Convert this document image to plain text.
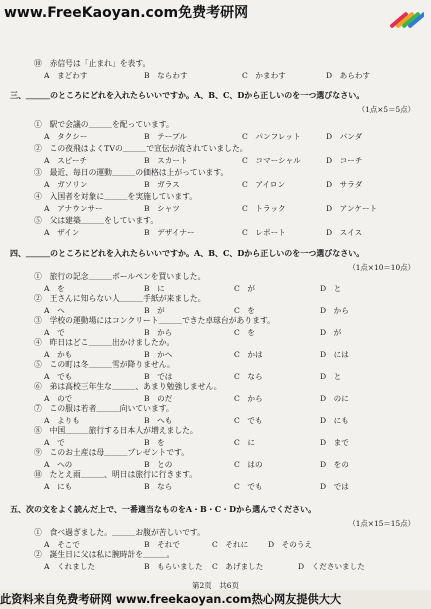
www.FreeKaoyan.com免费考研网
⑩　赤信号は「止まれ」を表す。
A　まどわす	B　ならわす	C　かまわす	D　あらわす
三、＿＿＿のところにどれを入れたらいいですか。A、B、C、Dから正しいのを一つ選びなさい。
（1点×5＝5点）
①　駅で会議の＿＿＿を配っています。
A　タクシー	B　テーブル	C　パンフレット	D　パンダ
②　この夜飛はよくTVの＿＿＿で宣伝が流されていました。
A　スピーチ	B　スカート	C　コマーシャル	D　コーチ
③　最近、毎日の運動＿＿＿の価格は上がっています。
A　ガソリン	B　ガラス	C　アイロン	D　サラダ
④　入国者を対象に＿＿＿を実施しています。
A　アナウンサー	B　シャツ	C　トラック	D　アンケート
⑤　父は建築＿＿＿をしています。
A　ザイン	B　デザイナー	C　レポート	D　スイス
四、＿＿＿のところにどれを入れたらいいですか。A、B、C、Dから正しいのを一つ選びなさい。
（1点×10＝10点）
①　旅行の記念＿＿＿ボールペンを買いました。
A　を	B　に	C　が	D　と
②　王さんに知らない人＿＿＿手紙が来ました。
A　へ	B　が	C　を	D　から
③　学校の運動場にはコンクリート＿＿＿できた卓球台があります。
A　で	B　から	C　を	D　が
④　昨日はどこ＿＿＿出かけましたか。
A　かも	B　かへ	C　かは	D　には
⑤　この町は冬＿＿＿雪が降りません。
A　でも	B　では	C　なら	D　と
⑥　弟は高校三年生な＿＿＿、あまり勉強しません。
A　ので	B　のだ	C　から	D　のに
⑦　この服は若者＿＿＿向いています。
A　よりも	B　へも	C　でも	D　にも
⑧　中国＿＿＿旅行する日本人が増えました。
A　で	B　を	C　に	D　まで
⑨　このお土産は母＿＿＿プレゼントです。
A　への	B　との	C　はの	D　をの
⑩　たとえ雨＿＿＿、明日は旅行に行きます。
A　にも	B　なら	C　でも	D　では
五、次の文をよく読んだ上で、一番適当なものをA・B・C・Dから選んでください。
（1点×15＝15点）
①　食べ過ぎました。＿＿＿お腹が苦しいです。
A　そこで	B　それで	C　それに	D　そのうえ
②　誕生日に父は私に腕時計を＿＿＿。
A　くれました	B　もらいました C　あげました	D　くださいました
第2页　共6页
此资料来自免费考研网 www.freekaoyan.com热心网友提供大大
